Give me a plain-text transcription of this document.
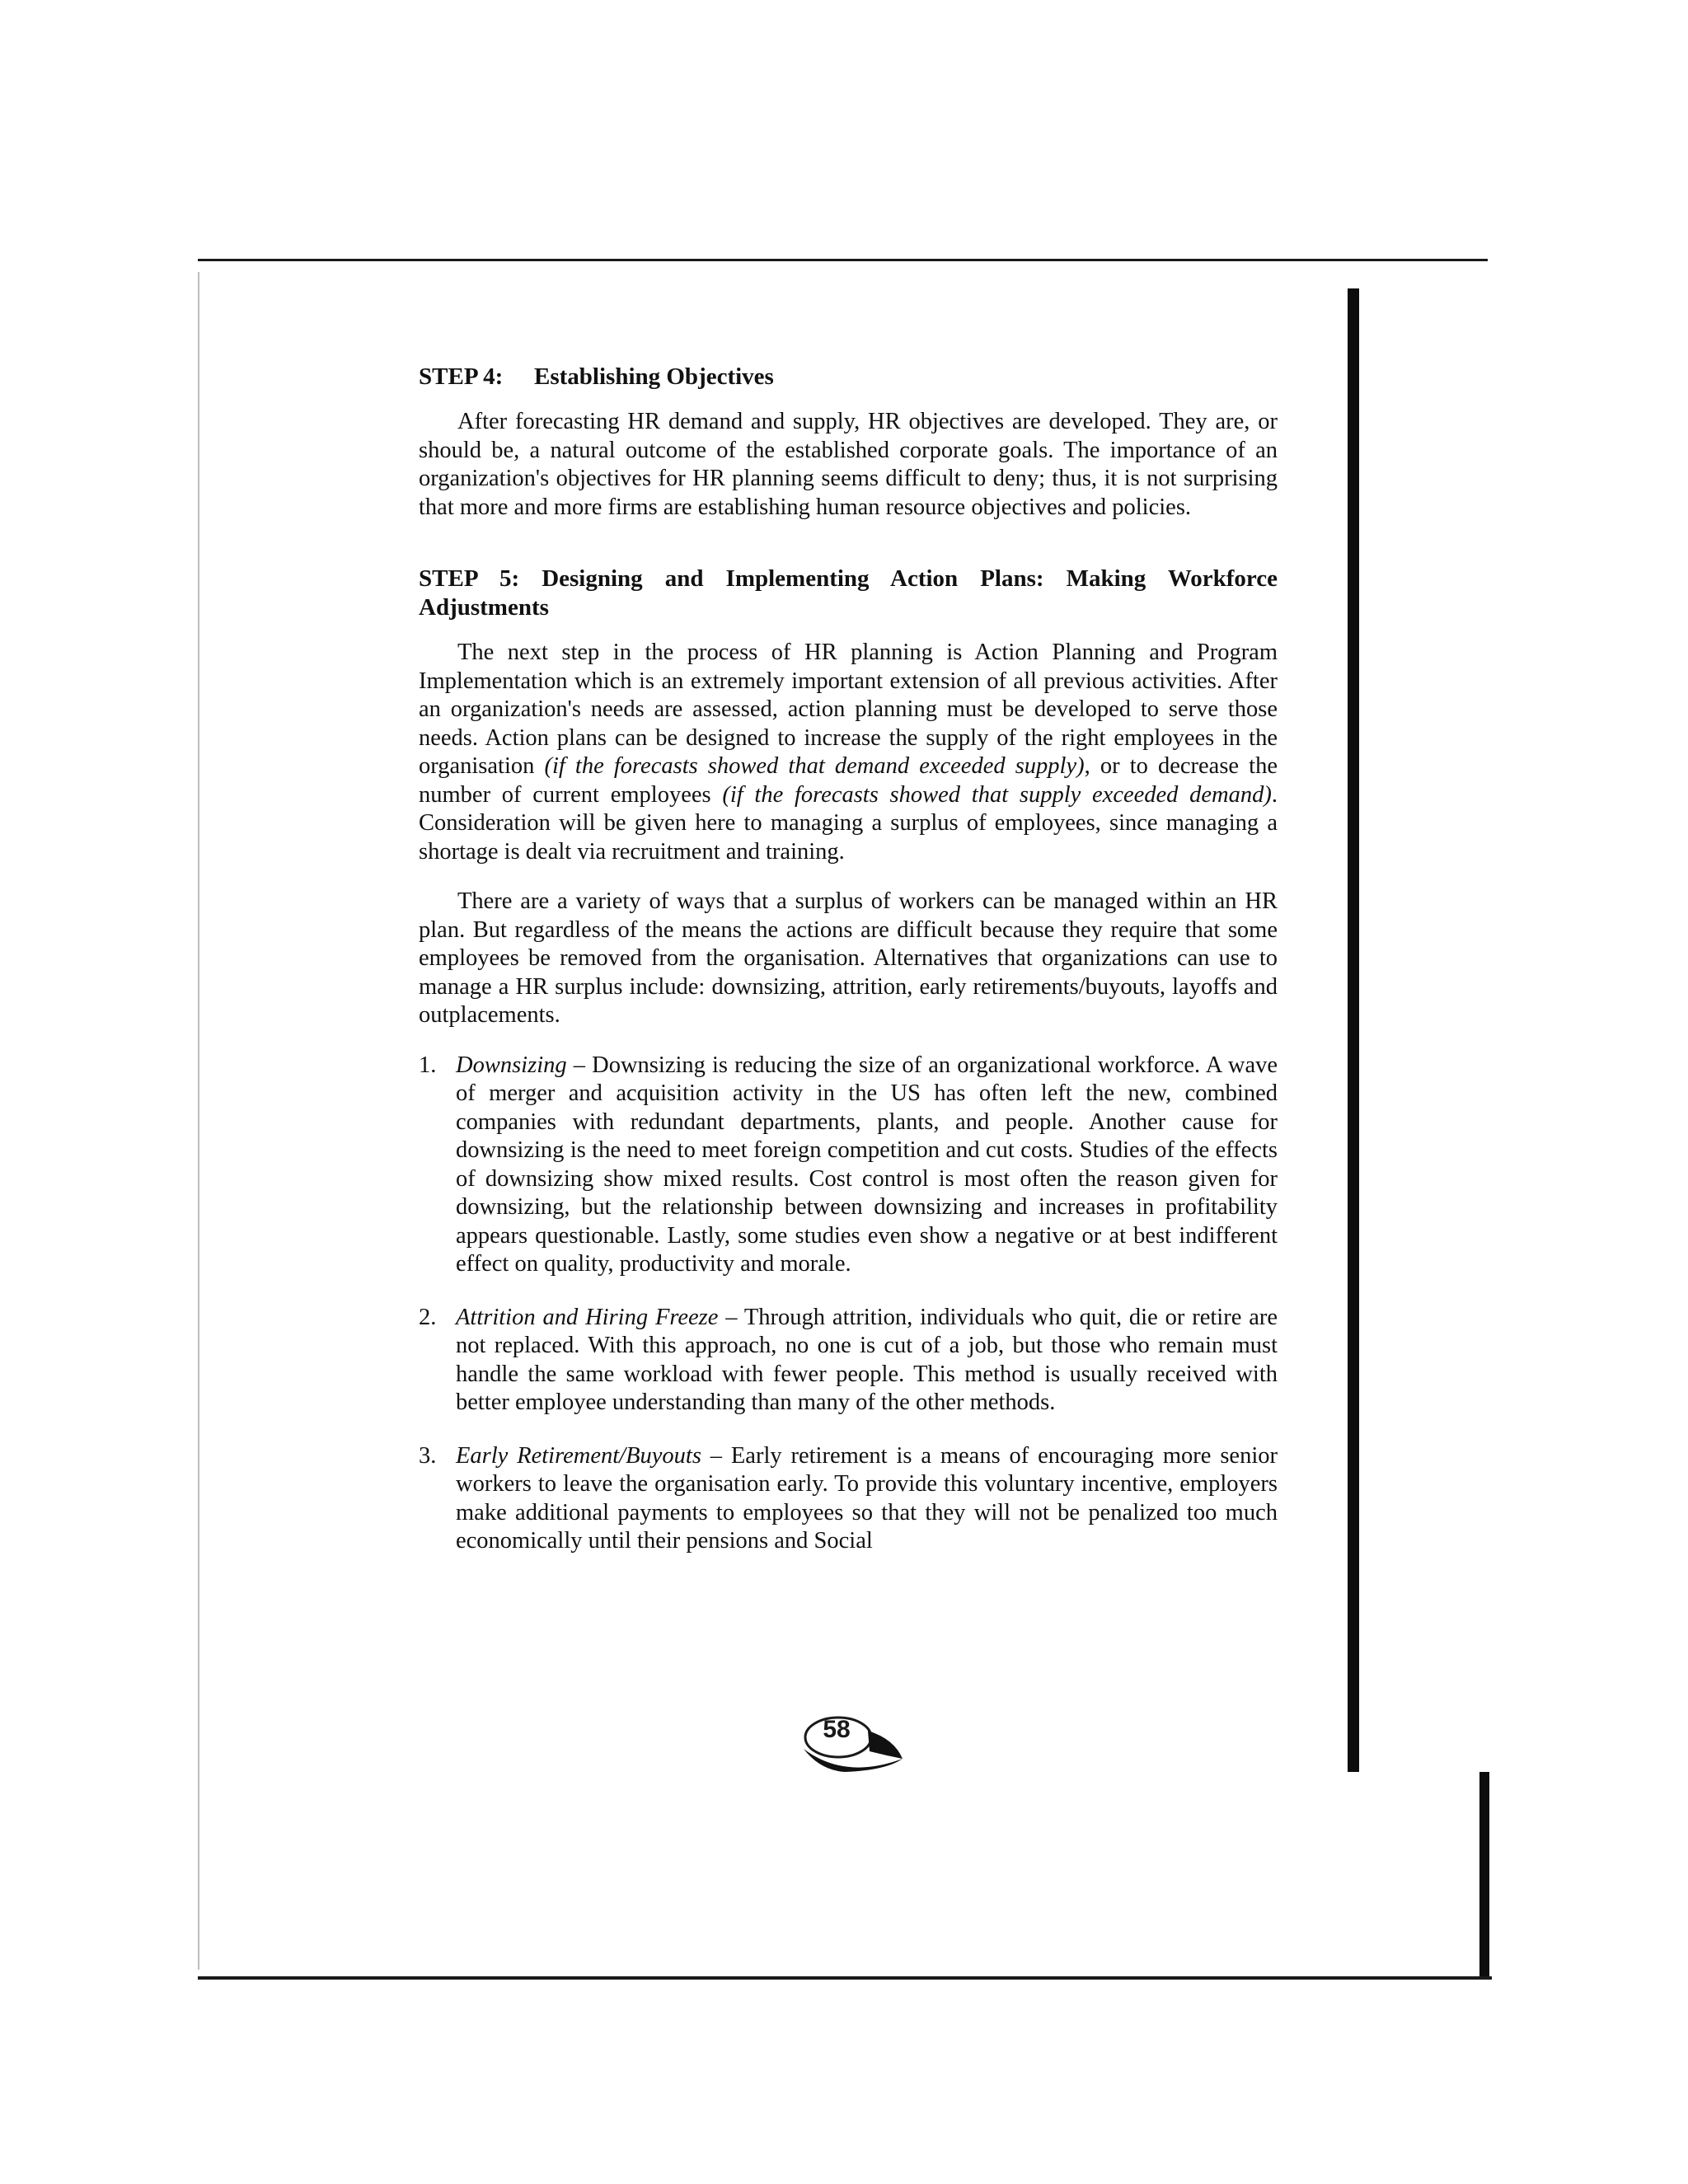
STEP 4: Establishing Objectives

After forecasting HR demand and supply, HR objectives are developed. They are, or should be, a natural outcome of the established corporate goals. The importance of an organization's objectives for HR planning seems difficult to deny; thus, it is not surprising that more and more firms are establishing human resource objectives and policies.

STEP 5: Designing and Implementing Action Plans: Making Workforce Adjustments

The next step in the process of HR planning is Action Planning and Program Implementation which is an extremely important extension of all previous activities. After an organization's needs are assessed, action planning must be developed to serve those needs. Action plans can be designed to increase the supply of the right employees in the organisation (if the forecasts showed that demand exceeded supply), or to decrease the number of current employees (if the forecasts showed that supply exceeded demand). Consideration will be given here to managing a surplus of employees, since managing a shortage is dealt via recruitment and training.

There are a variety of ways that a surplus of workers can be managed within an HR plan. But regardless of the means the actions are difficult because they require that some employees be removed from the organisation. Alternatives that organizations can use to manage a HR surplus include: downsizing, attrition, early retirements/buyouts, layoffs and outplacements.

1. Downsizing – Downsizing is reducing the size of an organizational workforce. A wave of merger and acquisition activity in the US has often left the new, combined companies with redundant departments, plants, and people. Another cause for downsizing is the need to meet foreign competition and cut costs. Studies of the effects of downsizing show mixed results. Cost control is most often the reason given for downsizing, but the relationship between downsizing and increases in profitability appears questionable. Lastly, some studies even show a negative or at best indifferent effect on quality, productivity and morale.
2. Attrition and Hiring Freeze – Through attrition, individuals who quit, die or retire are not replaced. With this approach, no one is cut of a job, but those who remain must handle the same workload with fewer people. This method is usually received with better employee understanding than many of the other methods.
3. Early Retirement/Buyouts – Early retirement is a means of encouraging more senior workers to leave the organisation early. To provide this voluntary incentive, employers make additional payments to employees so that they will not be penalized too much economically until their pensions and Social
58
